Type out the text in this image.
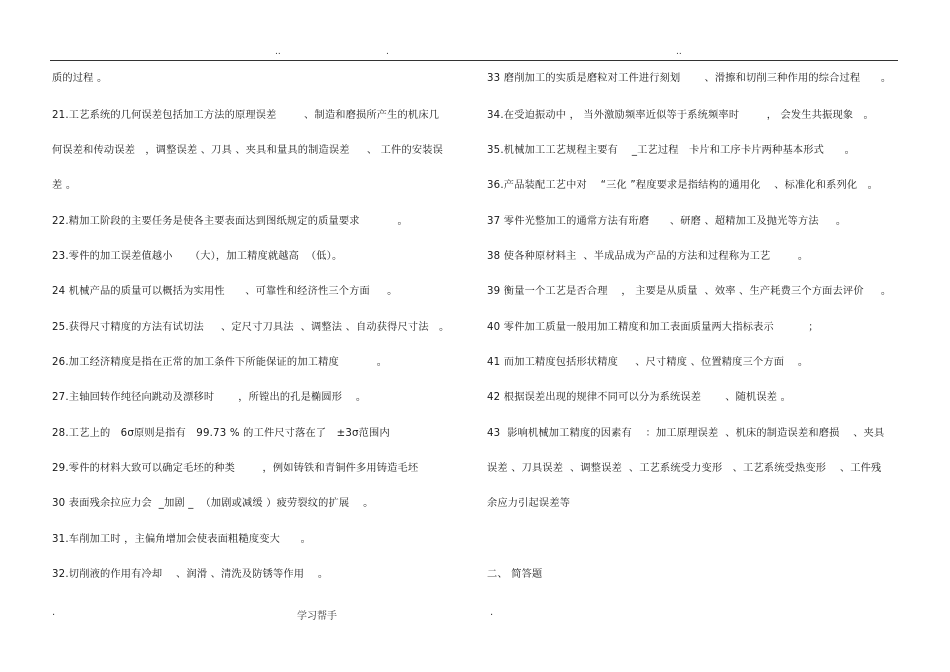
..	.	..
质的过程 。
21.工艺系统的几何误差包括加工方法的原理误差        、制造和磨损所产生的机床几
何误差和传动误差   ，调整误差 、刀具 、夹具和量具的制造误差     、 工件的安装误
差 。
22.精加工阶段的主要任务是使各主要表面达到图纸规定的质量要求           。
23.零件的加工误差值越小     （大），加工精度就越高  （低）。
24 机械产品的质量可以概括为实用性      、可靠性和经济性三个方面     。
25.获得尺寸精度的方法有试切法     、定尺寸刀具法  、调整法 、自动获得尺寸法   。
26.加工经济精度是指在正常的加工条件下所能保证的加工精度           。
27.主轴回转作纯径向跳动及漂移时       ，所镗出的孔是椭圆形    。
28.工艺上的   6σ原则是指有   99.73 % 的工件尺寸落在了   ±3σ范围内
29.零件的材料大致可以确定毛坯的种类        ，例如铸铁和青铜件多用铸造毛坯
30 表面残余拉应力会  _加剧 _  （加剧或减缓 ）疲劳裂纹的扩展    。
31.车削加工时 ，主偏角增加会使表面粗糙度变大      。
32.切削液的作用有冷却    、润滑 、清洗及防锈等作用    。
33 磨削加工的实质是磨粒对工件进行刻划       、滑擦和切削三种作用的综合过程      。
34.在受迫振动中 ， 当外激励频率近似等于系统频率时        ， 会发生共振现象   。
35.机械加工工艺规程主要有    _工艺过程   卡片和工序卡片两种基本形式      。
36.产品装配工艺中对    “三化 ”程度要求是指结构的通用化    、标准化和系列化   。
37 零件光整加工的通常方法有珩磨      、研磨 、超精加工及抛光等方法     。
38 使各种原材料主  、半成品成为产品的方法和过程称为工艺        。
39 衡量一个工艺是否合理    ， 主要是从质量  、效率 、生产耗费三个方面去评价     。
40 零件加工质量一般用加工精度和加工表面质量两大指标表示          ；
41 而加工精度包括形状精度     、尺寸精度 、位置精度三个方面    。
42 根据误差出现的规律不同可以分为系统误差       、随机误差 。
43  影响机械加工精度的因素有    ：加工原理误差  、机床的制造误差和磨损    、夹具
误差 、刀具误差  、调整误差  、工艺系统受力变形   、工艺系统受热变形    、工件残
余应力引起误差等
二、 简答题
.	学习帮手	.
